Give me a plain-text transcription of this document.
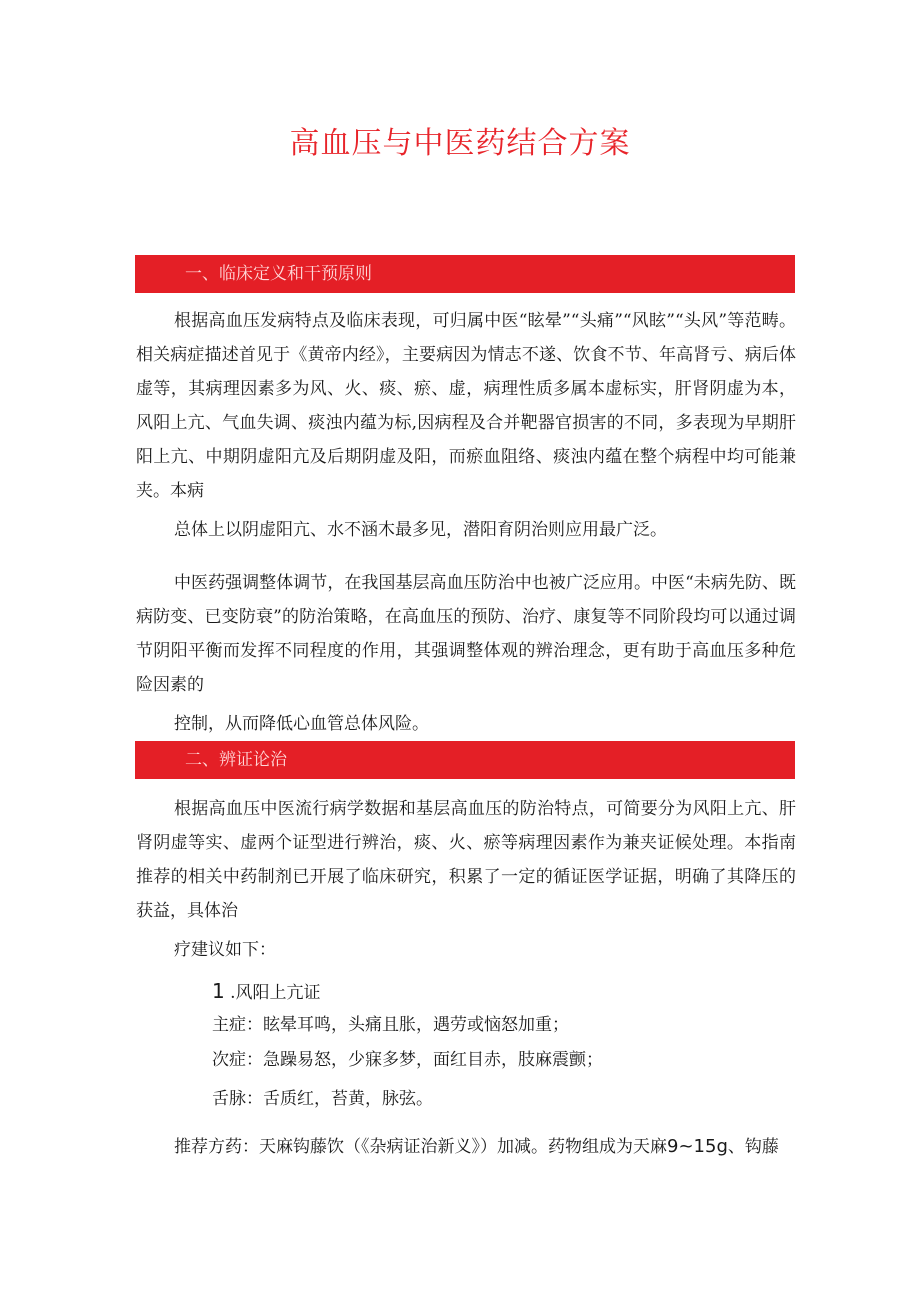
高血压与中医药结合方案
一、临床定义和干预原则

根据高血压发病特点及临床表现，可归属中医“眩晕”“头痛”“风眩”“头风”等范畴。相关病症描述首见于《黄帝内经》，主要病因为情志不遂、饮食不节、年高肾亏、病后体虚等，其病理因素多为风、火、痰、瘀、虚，病理性质多属本虚标实，肝肾阴虚为本，风阳上亢、气血失调、痰浊内蕴为标,因病程及合并靶器官损害的不同，多表现为早期肝阳上亢、中期阴虚阳亢及后期阴虚及阳，而瘀血阻络、痰浊内蕴在整个病程中均可能兼夹。本病

总体上以阴虚阳亢、水不涵木最多见，潜阳育阴治则应用最广泛。

中医药强调整体调节，在我国基层高血压防治中也被广泛应用。中医“未病先防、既病防变、已变防衰”的防治策略，在高血压的预防、治疗、康复等不同阶段均可以通过调节阴阳平衡而发挥不同程度的作用，其强调整体观的辨治理念，更有助于高血压多种危险因素的

控制，从而降低心血管总体风险。

二、辨证论治

根据高血压中医流行病学数据和基层高血压的防治特点，可简要分为风阳上亢、肝肾阴虚等实、虚两个证型进行辨治，痰、火、瘀等病理因素作为兼夹证候处理。本指南推荐的相关中药制剂已开展了临床研究，积累了一定的循证医学证据，明确了其降压的获益，具体治

疗建议如下：

1 .风阳上亢证

主症：眩晕耳鸣，头痛且胀，遇劳或恼怒加重；

次症：急躁易怒，少寐多梦，面红目赤，肢麻震颤；

舌脉：舌质红，苔黄，脉弦。

推荐方药：天麻钩藤饮（《杂病证治新义》）加减。药物组成为天麻9~15g、钩藤
